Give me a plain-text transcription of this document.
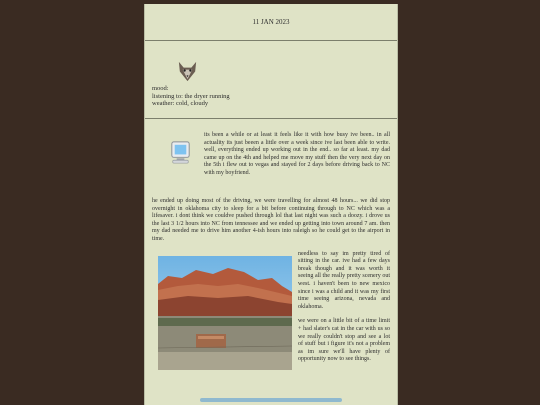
11 JAN 2023
mood:
listening to: the dryer running
weather: cold, cloudy

its been a while or at least it feels like it with how busy ive been.. in all actuality its just beeen a little over a week since ive last been able to write. well, everything ended up working out in the end.. so far at least. my dad came up on the 4th and helped me move my stuff then the very next day on the 5th i flew out to vegas and stayed for 2 days before driving back to NC with my boyfriend.

he ended up doing most of the driving, we were travelling for almost 48 hours... we did stop overnight in oklahoma city to sleep for a bit before continuing through to NC which was a lifesaver. i dont think we couldve pushed through lol that last night was such a doozy. i drove us the last 3 1/2 hours into NC from tennessee and we ended up getting into town around 7 am. then my dad needed me to drive him another 4-ish hours into raleigh so he could get to the airport in time.

needless to say im pretty tired of sitting in the car. ive had a few days break though and it was worth it seeing all the really pretty scenery out west. i haven't been to new mexico since i was a child and it was my first time seeing arizona, nevada and oklahoma.

we were on a little bit of a time limit + had slater's cat in the car with us so we really couldn't stop and see a lot of stuff but i figure it's not a problem as im sure we'll have plenty of opportunity now to see things.
